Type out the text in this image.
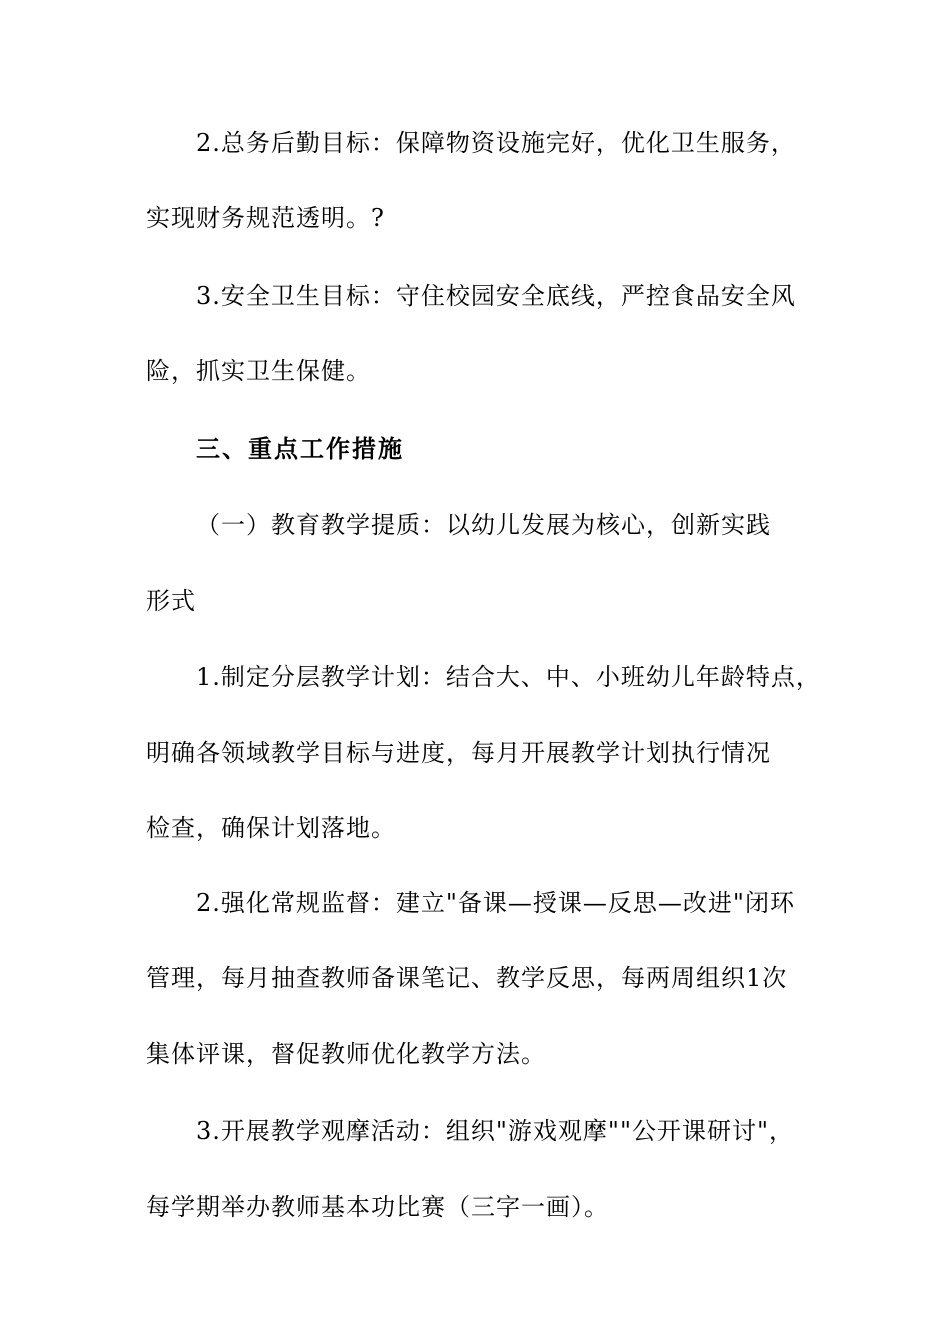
2.总务后勤目标：保障物资设施完好，优化卫生服务，
实现财务规范透明。?
3.安全卫生目标：守住校园安全底线，严控食品安全风
险，抓实卫生保健。
三、重点工作措施
（一）教育教学提质：以幼儿发展为核心，创新实践
形式
1.制定分层教学计划：结合大、中、小班幼儿年龄特点，
明确各领域教学目标与进度，每月开展教学计划执行情况
检查，确保计划落地。
2.强化常规监督：建立"备课—授课—反思—改进"闭环
管理，每月抽查教师备课笔记、教学反思，每两周组织1次
集体评课，督促教师优化教学方法。
3.开展教学观摩活动：组织"游戏观摩""公开课研讨"，
每学期举办教师基本功比赛（三字一画）。
